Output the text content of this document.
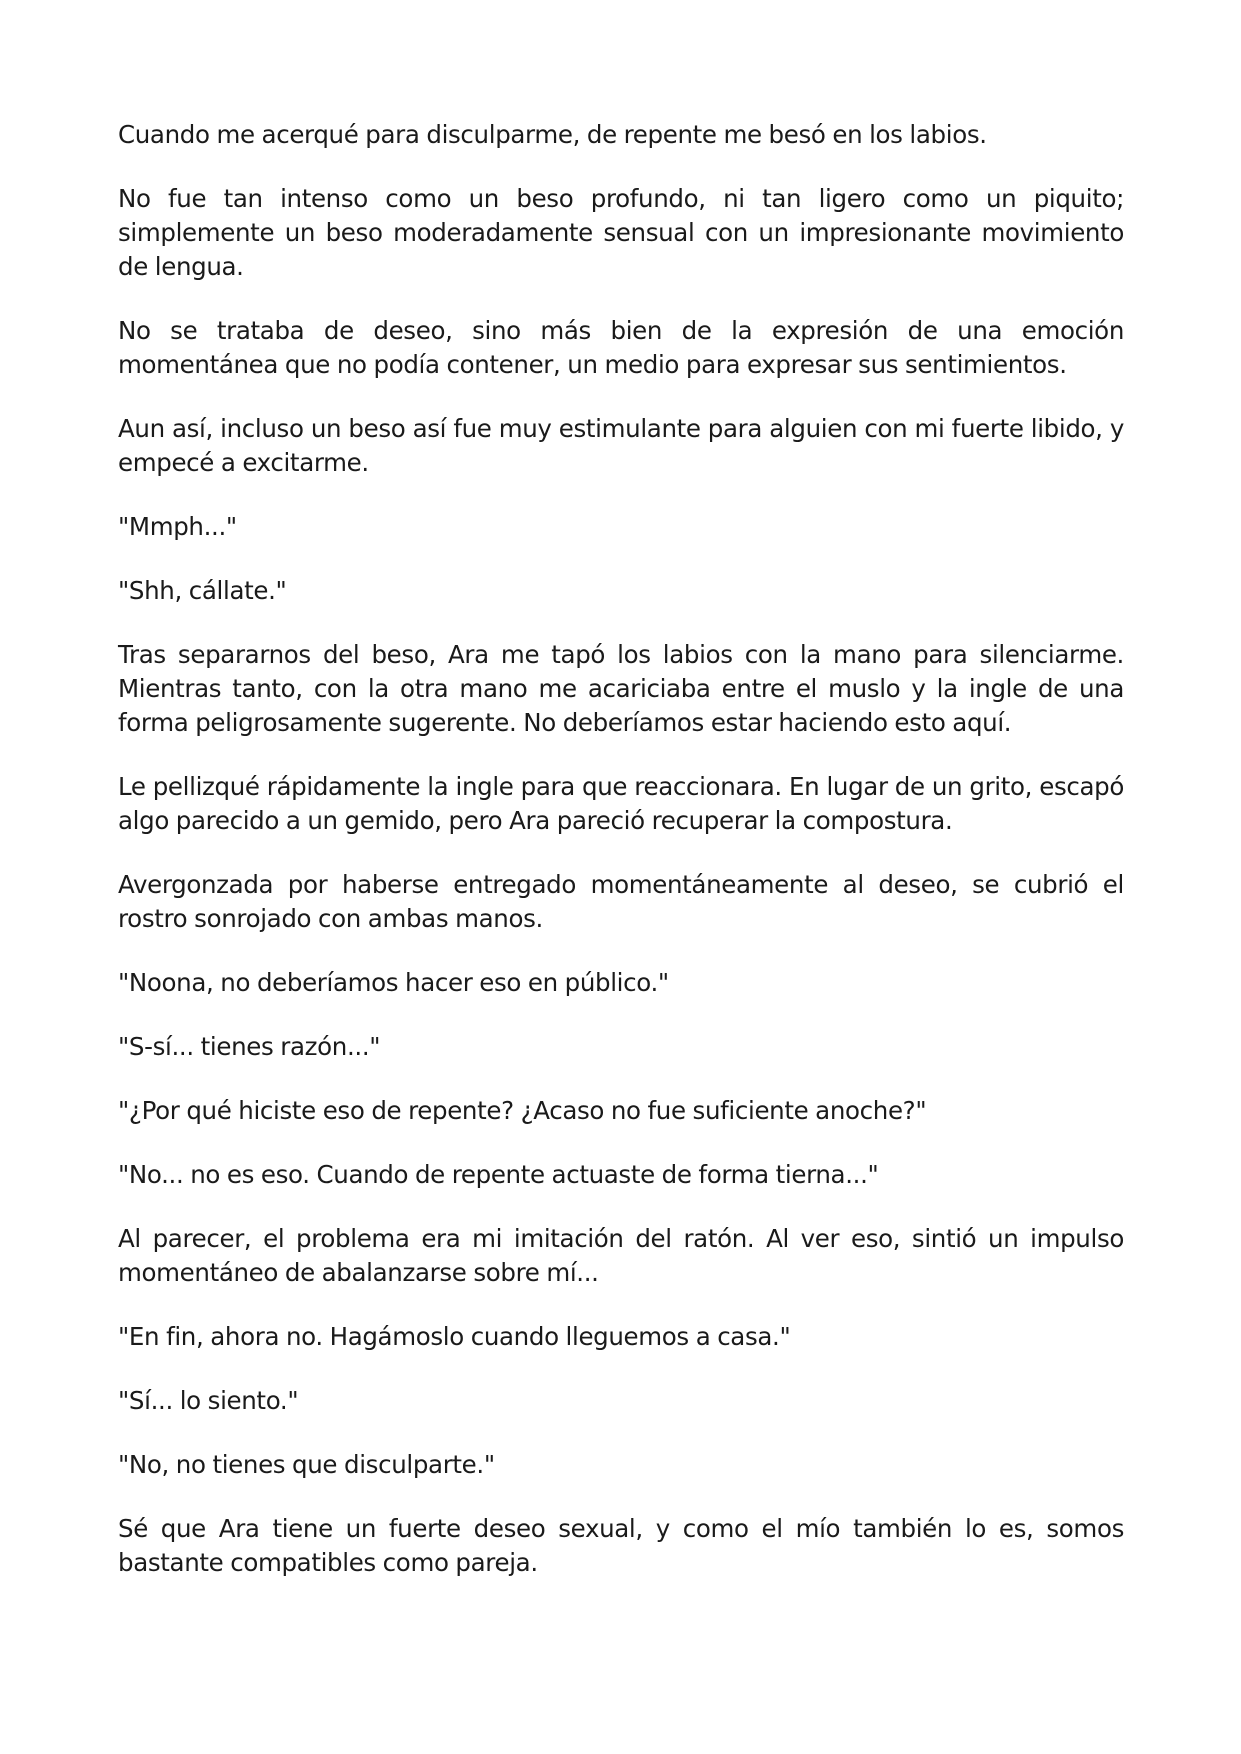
Cuando me acerqué para disculparme, de repente me besó en los labios.

No fue tan intenso como un beso profundo, ni tan ligero como un piquito; simplemente un beso moderadamente sensual con un impresionante movimiento de lengua.

No se trataba de deseo, sino más bien de la expresión de una emoción momentánea que no podía contener, un medio para expresar sus sentimientos.

Aun así, incluso un beso así fue muy estimulante para alguien con mi fuerte libido, y empecé a excitarme.

"Mmph..."

"Shh, cállate."

Tras separarnos del beso, Ara me tapó los labios con la mano para silenciarme. Mientras tanto, con la otra mano me acariciaba entre el muslo y la ingle de una forma peligrosamente sugerente. No deberíamos estar haciendo esto aquí.

Le pellizqué rápidamente la ingle para que reaccionara. En lugar de un grito, escapó algo parecido a un gemido, pero Ara pareció recuperar la compostura.

Avergonzada por haberse entregado momentáneamente al deseo, se cubrió el rostro sonrojado con ambas manos.

"Noona, no deberíamos hacer eso en público."

"S-sí... tienes razón..."

"¿Por qué hiciste eso de repente? ¿Acaso no fue suficiente anoche?"

"No... no es eso. Cuando de repente actuaste de forma tierna..."

Al parecer, el problema era mi imitación del ratón. Al ver eso, sintió un impulso momentáneo de abalanzarse sobre mí...

"En fin, ahora no. Hagámoslo cuando lleguemos a casa."

"Sí... lo siento."

"No, no tienes que disculparte."

Sé que Ara tiene un fuerte deseo sexual, y como el mío también lo es, somos bastante compatibles como pareja.
